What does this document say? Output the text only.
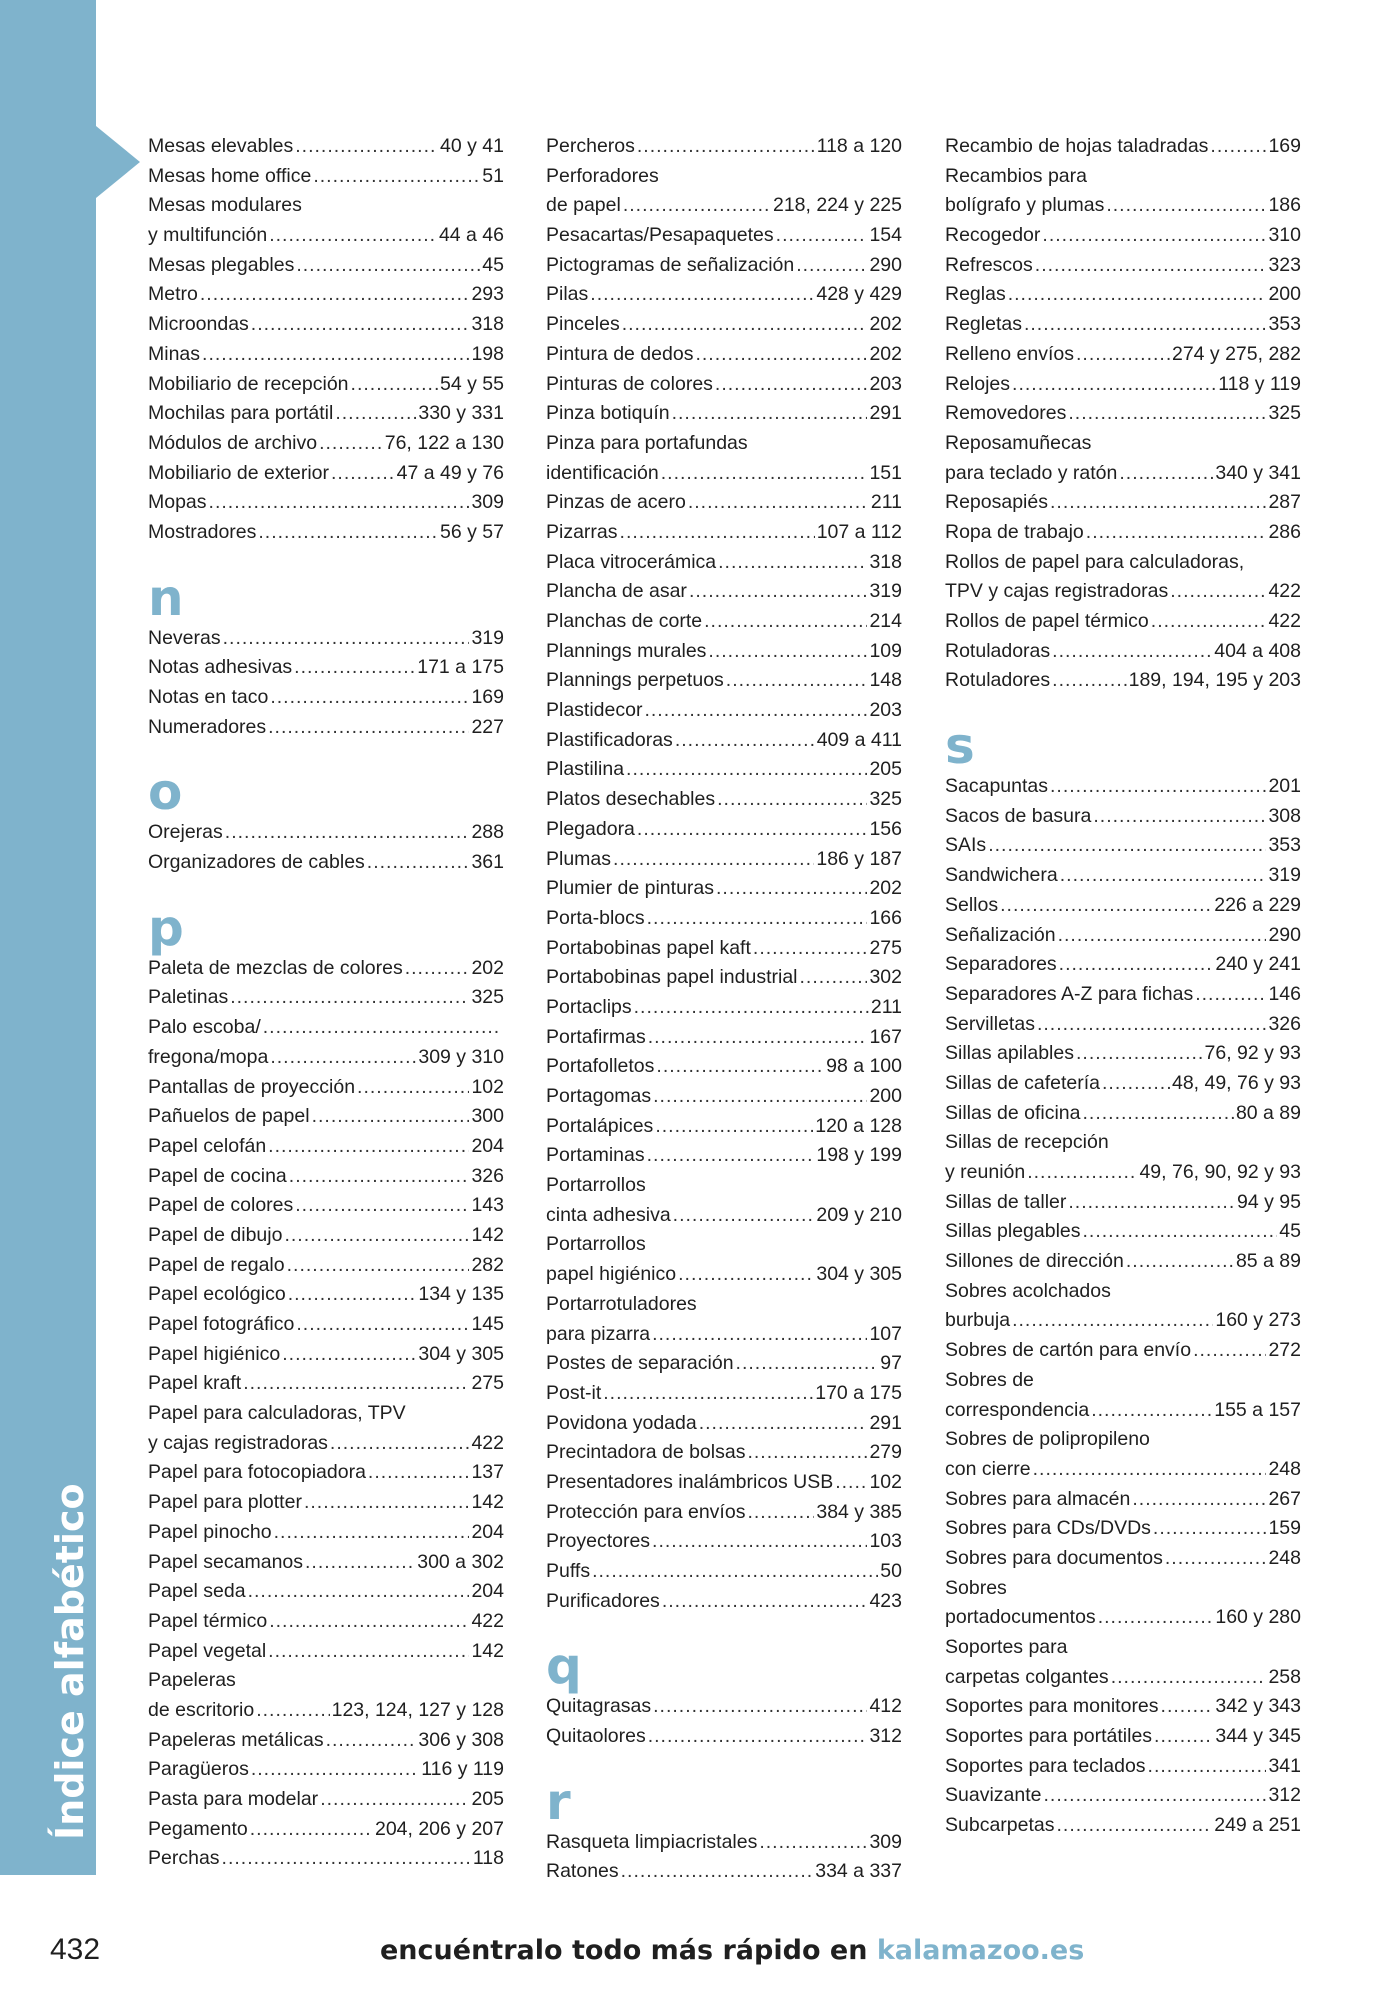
Índice alfabético
Mesas elevables .....	40 y 41
Mesas home office .....	51
Mesas modulares
y multifunción .....	44 a 46
Mesas plegables .....	45
Metro .....	293
Microondas .....	318
Minas .....	198
Mobiliario de recepción .....	54 y 55
Mochilas para portátil .....	330 y 331
Módulos de archivo .....	76, 122 a 130
Mobiliario de exterior .....	47 a 49 y 76
Mopas .....	309
Mostradores .....	56 y 57
n
Neveras .....	319
Notas adhesivas .....	171 a 175
Notas en taco .....	169
Numeradores .....	227
o
Orejeras .....	288
Organizadores de cables .....	361
p
Paleta de mezclas de colores .....	202
Paletinas .....	325
Palo escoba/
.....
fregona/mopa .....	309 y 310
Pantallas de proyección .....	102
Pañuelos de papel .....	300
Papel celofán .....	204
Papel de cocina .....	326
Papel de colores .....	143
Papel de dibujo .....	142
Papel de regalo .....	282
Papel ecológico .....	134 y 135
Papel fotográfico .....	145
Papel higiénico .....	304 y 305
Papel kraft .....	275
Papel para calculadoras, TPV
y cajas registradoras .....	422
Papel para fotocopiadora .....	137
Papel para plotter .....	142
Papel pinocho .....	204
Papel secamanos .....	300 a 302
Papel seda .....	204
Papel térmico .....	422
Papel vegetal .....	142
Papeleras
de escritorio .....	123, 124, 127 y 128
Papeleras metálicas .....	306 y 308
Paragüeros .....	116 y 119
Pasta para modelar .....	205
Pegamento .....	204, 206 y 207
Perchas .....	118
Percheros .....	118 a 120
Perforadores
de papel .....	218, 224 y 225
Pesacartas/Pesapaquetes .....	154
Pictogramas de señalización .....	290
Pilas .....	428 y 429
Pinceles .....	202
Pintura de dedos .....	202
Pinturas de colores .....	203
Pinza botiquín .....	291
Pinza para portafundas
identificación .....	151
Pinzas de acero .....	211
Pizarras .....	107 a 112
Placa vitrocerámica .....	318
Plancha de asar .....	319
Planchas de corte .....	214
Plannings murales .....	109
Plannings perpetuos .....	148
Plastidecor .....	203
Plastificadoras .....	409 a 411
Plastilina .....	205
Platos desechables .....	325
Plegadora .....	156
Plumas .....	186 y 187
Plumier de pinturas .....	202
Porta-blocs .....	166
Portabobinas papel kaft .....	275
Portabobinas papel industrial .....	302
Portaclips .....	211
Portafirmas .....	167
Portafolletos .....	98 a 100
Portagomas .....	200
Portalápices .....	120 a 128
Portaminas .....	198 y 199
Portarrollos
cinta adhesiva .....	209 y 210
Portarrollos
papel higiénico .....	304 y 305
Portarrotuladores
para pizarra .....	107
Postes de separación .....	97
Post-it .....	170 a 175
Povidona yodada .....	291
Precintadora de bolsas .....	279
Presentadores inalámbricos USB ..... 102
Protección para envíos .....	384 y 385
Proyectores .....	103
Puffs .....	50
Purificadores .....	423
q
Quitagrasas .....	412
Quitaolores .....	312
r
Rasqueta limpiacristales .....	309
Ratones .....	334 a 337
Recambio de hojas taladradas .....	169
Recambios para
bolígrafo y plumas .....	186
Recogedor .....	310
Refrescos .....	323
Reglas .....	200
Regletas .....	353
Relleno envíos .....	274 y 275, 282
Relojes .....	118 y 119
Removedores .....	325
Reposamuñecas
para teclado y ratón .....	340 y 341
Reposapiés .....	287
Ropa de trabajo .....	286
Rollos de papel para calculadoras,
TPV y cajas registradoras .....	422
Rollos de papel térmico .....	422
Rotuladoras .....	404 a 408
Rotuladores .....	189, 194, 195 y 203
s
Sacapuntas .....	201
Sacos de basura .....	308
SAIs .....	353
Sandwichera .....	319
Sellos .....	226 a 229
Señalización .....	290
Separadores .....	240 y 241
Separadores A-Z para fichas .....	146
Servilletas .....	326
Sillas apilables .....	76, 92 y 93
Sillas de cafetería .....	48, 49, 76 y 93
Sillas de oficina .....	80 a 89
Sillas de recepción
y reunión .....	49, 76, 90, 92 y 93
Sillas de taller .....	94 y 95
Sillas plegables .....	45
Sillones de dirección .....	85 a 89
Sobres acolchados
burbuja .....	160 y 273
Sobres de cartón para envío .....	272
Sobres de
correspondencia .....	155 a 157
Sobres de polipropileno
con cierre .....	248
Sobres para almacén .....	267
Sobres para CDs/DVDs .....	159
Sobres para documentos .....	248
Sobres
portadocumentos .....	160 y 280
Soportes para
carpetas colgantes .....	258
Soportes para monitores .....	342 y 343
Soportes para portátiles .....	344 y 345
Soportes para teclados .....	341
Suavizante .....	312
Subcarpetas .....	249 a 251
432	encuéntralo todo más rápido en kalamazoo.es
